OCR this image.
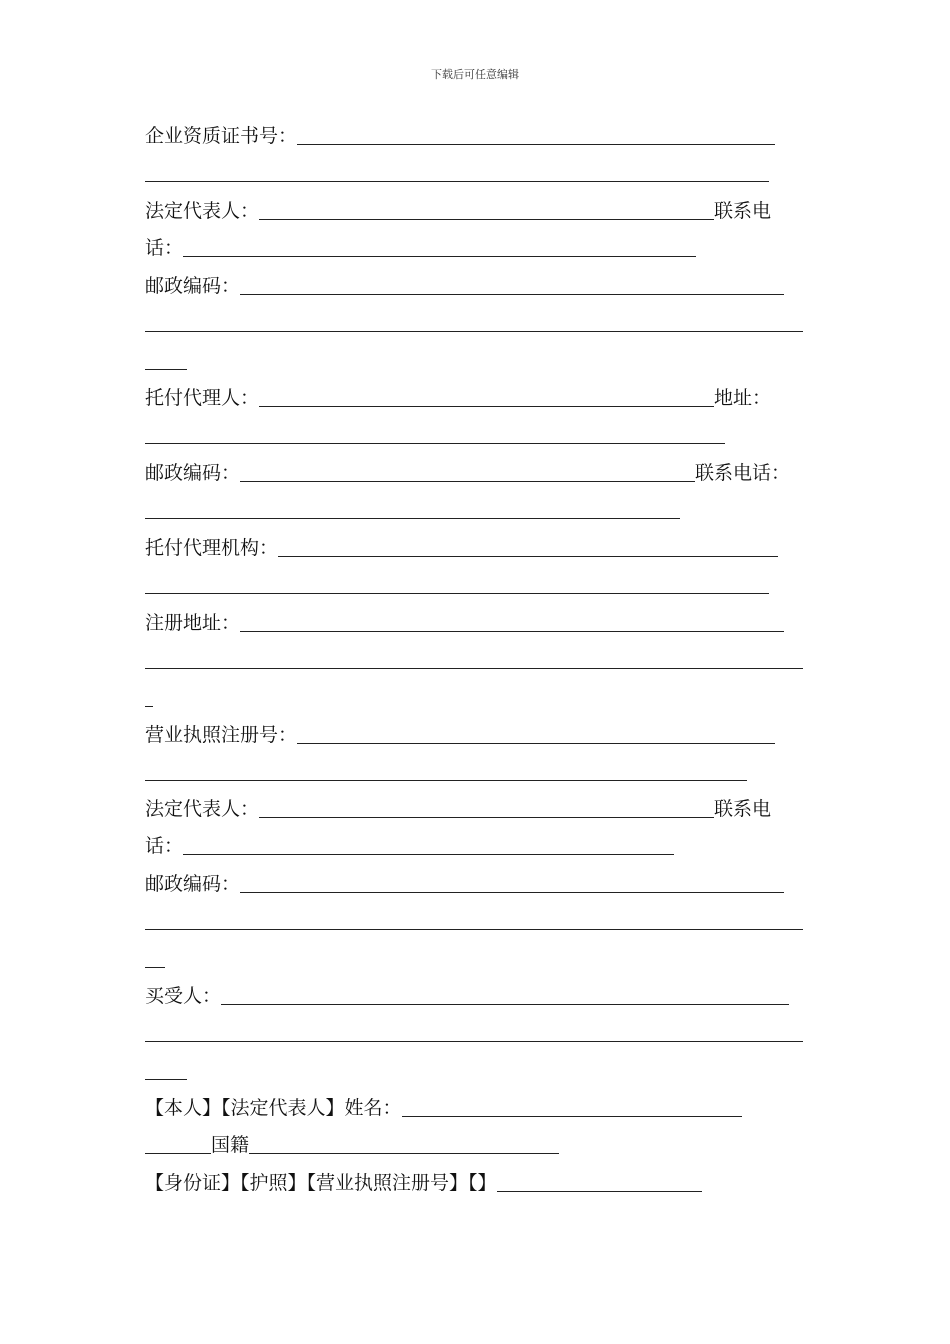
下载后可任意编辑
企业资质证书号：
法定代表人：	联系电
话：
邮政编码：
托付代理人：	地址：
邮政编码：	联系电话：
托付代理机构：
注册地址：
营业执照注册号：
法定代表人：	联系电
话：
邮政编码：
买受人：
【本人】【法定代表人】姓名：
国籍
【身份证】【护照】【营业执照注册号】【】
